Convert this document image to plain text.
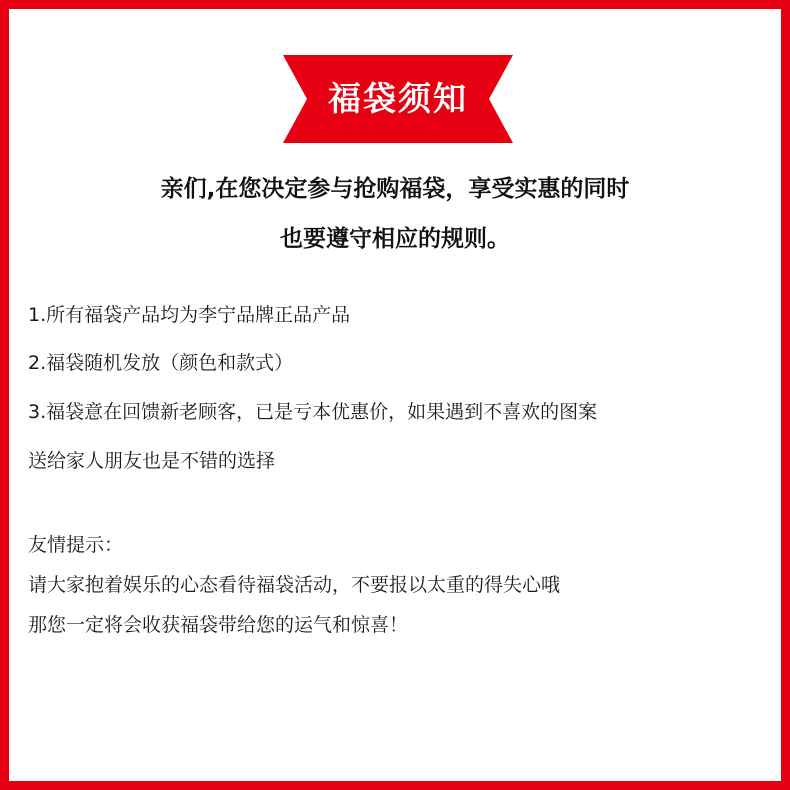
福袋须知
亲们,在您决定参与抢购福袋，享受实惠的同时
也要遵守相应的规则。
1.所有福袋产品均为李宁品牌正品产品
2.福袋随机发放（颜色和款式）
3.福袋意在回馈新老顾客，已是亏本优惠价，如果遇到不喜欢的图案
送给家人朋友也是不错的选择
友情提示：
请大家抱着娱乐的心态看待福袋活动，不要报以太重的得失心哦
那您一定将会收获福袋带给您的运气和惊喜！
